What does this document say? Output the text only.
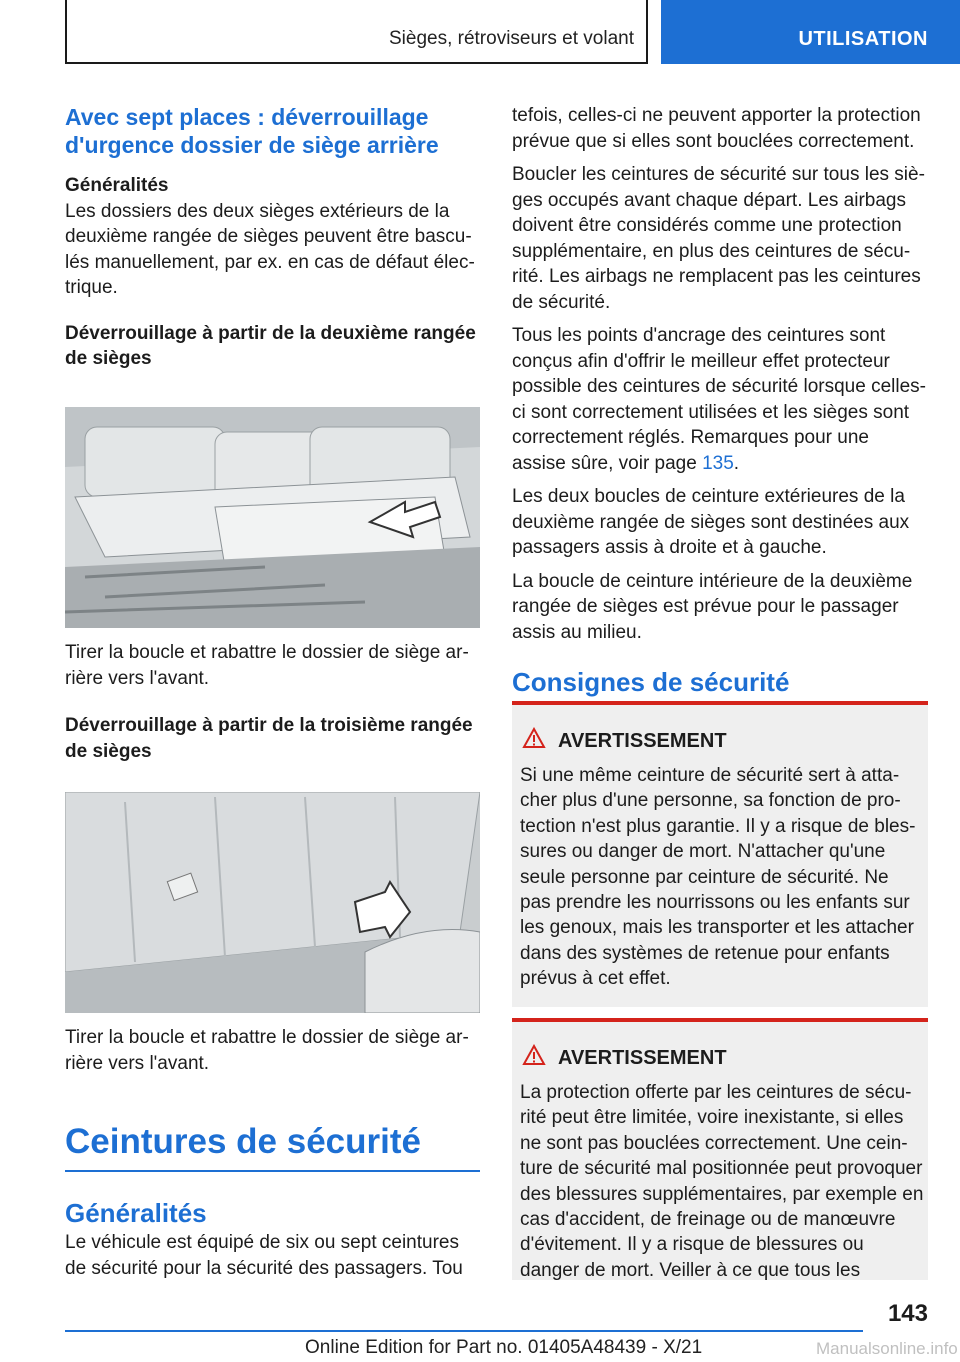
Sièges, rétroviseurs et volant	UTILISATION

Avec sept places : déverrouillage d'urgence dossier de siège arrière

Généralités

Les dossiers des deux sièges extérieurs de la deuxième rangée de sièges peuvent être basculés manuellement, par ex. en cas de défaut électrique.

Déverrouillage à partir de la deuxième rangée de sièges

Tirer la boucle et rabattre le dossier de siège arrière vers l'avant.

Déverrouillage à partir de la troisième rangée de sièges

Tirer la boucle et rabattre le dossier de siège arrière vers l'avant.

Ceintures de sécurité

Généralités

Le véhicule est équipé de six ou sept ceintures de sécurité pour la sécurité des passagers. Tou

tefois, celles-ci ne peuvent apporter la protection prévue que si elles sont bouclées correctement.

Boucler les ceintures de sécurité sur tous les sièges occupés avant chaque départ. Les airbags doivent être considérés comme une protection supplémentaire, en plus des ceintures de sécurité. Les airbags ne remplacent pas les ceintures de sécurité.

Tous les points d'ancrage des ceintures sont conçus afin d'offrir le meilleur effet protecteur possible des ceintures de sécurité lorsque celles-ci sont correctement utilisées et les sièges sont correctement réglés. Remarques pour une assise sûre, voir page 135.

Les deux boucles de ceinture extérieures de la deuxième rangée de sièges sont destinées aux passagers assis à droite et à gauche.

La boucle de ceinture intérieure de la deuxième rangée de sièges est prévue pour le passager assis au milieu.

Consignes de sécurité

AVERTISSEMENT
Si une même ceinture de sécurité sert à attacher plus d'une personne, sa fonction de protection n'est plus garantie. Il y a risque de blessures ou danger de mort. N'attacher qu'une seule personne par ceinture de sécurité. Ne pas prendre les nourrissons ou les enfants sur les genoux, mais les transporter et les attacher dans des systèmes de retenue pour enfants prévus à cet effet.
AVERTISSEMENT
La protection offerte par les ceintures de sécurité peut être limitée, voire inexistante, si elles ne sont pas bouclées correctement. Une ceinture de sécurité mal positionnée peut provoquer des blessures supplémentaires, par exemple en cas d'accident, de freinage ou de manœuvre d'évitement. Il y a risque de blessures ou danger de mort. Veiller à ce que tous les
143
Online Edition for Part no. 01405A48439 - X/21	Manualsonline.info
